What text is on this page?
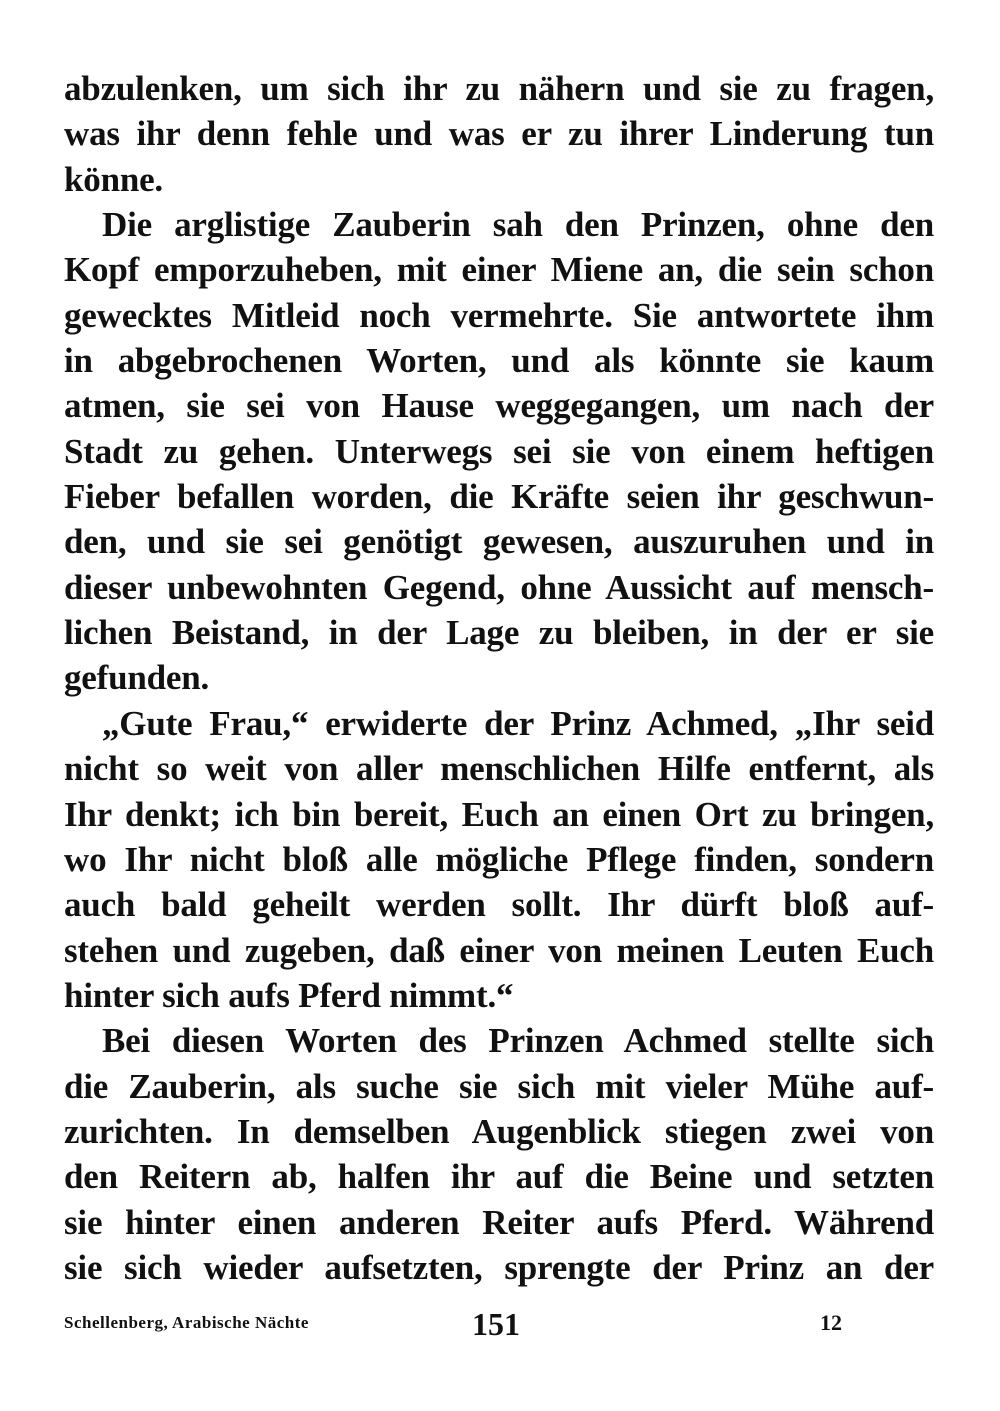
abzulenken, um sich ihr zu nähern und sie zu fragen,
was ihr denn fehle und was er zu ihrer Linderung tun
könne.
Die arglistige Zauberin sah den Prinzen, ohne den
Kopf emporzuheben, mit einer Miene an, die sein schon
gewecktes Mitleid noch vermehrte. Sie antwortete ihm
in abgebrochenen Worten, und als könnte sie kaum
atmen, sie sei von Hause weggegangen, um nach der
Stadt zu gehen. Unterwegs sei sie von einem heftigen
Fieber befallen worden, die Kräfte seien ihr geschwun-
den, und sie sei genötigt gewesen, auszuruhen und in
dieser unbewohnten Gegend, ohne Aussicht auf mensch-
lichen Beistand, in der Lage zu bleiben, in der er sie
gefunden.
„Gute Frau,“ erwiderte der Prinz Achmed, „Ihr seid
nicht so weit von aller menschlichen Hilfe entfernt, als
Ihr denkt; ich bin bereit, Euch an einen Ort zu bringen,
wo Ihr nicht bloß alle mögliche Pflege finden, sondern
auch bald geheilt werden sollt. Ihr dürft bloß auf-
stehen und zugeben, daß einer von meinen Leuten Euch
hinter sich aufs Pferd nimmt.“
Bei diesen Worten des Prinzen Achmed stellte sich
die Zauberin, als suche sie sich mit vieler Mühe auf-
zurichten. In demselben Augenblick stiegen zwei von
den Reitern ab, halfen ihr auf die Beine und setzten
sie hinter einen anderen Reiter aufs Pferd. Während
sie sich wieder aufsetzten, sprengte der Prinz an der
Schellenberg, Arabische Nächte	151	12
